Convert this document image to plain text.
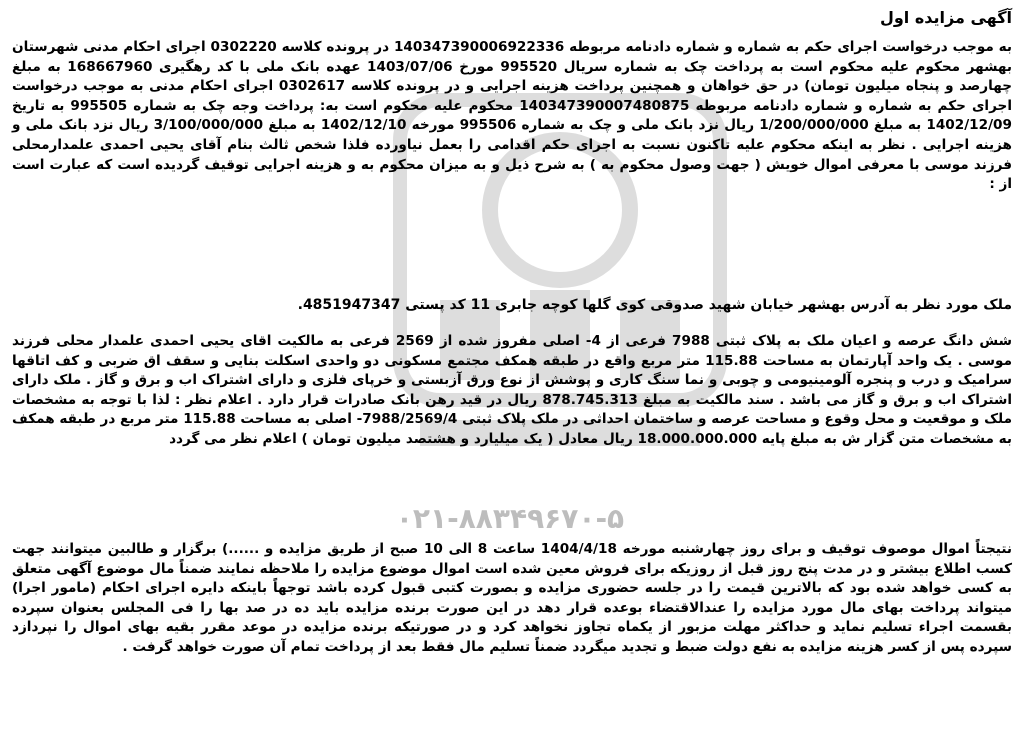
۰۲۱-۸۸۳۴۹۶۷۰-۵
آگهی مزایده اول

به موجب درخواست اجرای حکم به شماره و شماره دادنامه مربوطه 140347390006922336 در پرونده کلاسه 0302220 اجرای احکام مدنی شهرستان بهشهر محکوم علیه محکوم است به پرداخت چک به شماره سریال 995520 مورخ 1403/07/06 عهده بانک ملی با کد رهگیری 168667960 به مبلغ چهارصد و پنجاه میلیون تومان) در حق خواهان و همچنین پرداخت هزینه اجرایی و در پرونده کلاسه 0302617 اجرای احکام مدنی به موجب درخواست اجرای حکم به شماره و شماره دادنامه مربوطه 140347390007480875 محکوم علیه محکوم است به: پرداخت وجه چک به شماره 995505 به تاریخ 1402/12/09 به مبلغ 1/200/000/000 ریال نزد بانک ملی و چک به شماره 995506 مورخه 1402/12/10 به مبلغ 3/100/000/000 ریال نزد بانک ملی و هزینه اجرایی . نظر به اینکه محکوم علیه تاکنون نسبت به اجرای حکم اقدامی را بعمل نیاورده فلذا شخص ثالث بنام آقای یحیی احمدی علمدارمحلی فرزند موسی با معرفی اموال خویش ( جهت وصول محکوم به ) به شرح ذیل و به میزان محکوم به و هزینه اجرایی توقیف گردیده است که عبارت است از :

ملک مورد نظر به آدرس بهشهر خیابان شهید صدوقی کوی گلها کوچه جابری 11 کد پستی 4851947347.

شش دانگ عرصه و اعیان ملک به پلاک ثبتی 7988 فرعی از 4- اصلی مفروز شده از 2569 فرعی به مالکیت اقای یحیی احمدی علمدار محلی فرزند موسی . یک واحد آپارتمان به مساحت 115.88 متر مربع واقع در طبقه همکف مجتمع مسکونی دو واحدی اسکلت بنایی و سقف اق ضربی و کف اتاقها سرامیک و درب و پنجره آلومینیومی و چوبی و نما سنگ کاری و پوشش از نوع ورق آزبستی و خرپای فلزی و دارای اشتراک اب و برق و گاز . ملک دارای اشتراک اب و برق و گاز می باشد . سند مالکیت به مبلغ 878.745.313 ریال در قید رهن بانک صادرات قرار دارد . اعلام نظر : لذا با توجه به مشخصات ملک و موقعیت و محل وقوع و مساحت عرصه و ساختمان احداثی در ملک پلاک ثبتی 7988/2569/4- اصلی به مساحت 115.88 متر مربع در طبقه همکف به مشخصات متن گزار ش به مبلغ پایه 18.000.000.000 ریال معادل ( یک میلیارد و هشتصد میلیون تومان ) اعلام نظر می گردد

نتیجتاً اموال موصوف توقیف و برای روز چهارشنبه مورخه 1404/4/18 ساعت 8 الی 10 صبح از طریق مزایده و ......) برگزار و طالبین میتوانند جهت کسب اطلاع بیشتر و در مدت پنج روز قبل از روزیکه برای فروش معین شده است اموال موضوع مزایده را ملاحظه نمایند ضمناً مال موضوع آگهی متعلق به کسی خواهد شده بود که بالاترین قیمت را در جلسه حضوری مزایده و بصورت کتبی قبول کرده باشد توجهاً باینکه دایره اجرای احکام (مامور اجرا) میتواند پرداخت بهای مال مورد مزایده را عندالاقتضاء بوعده قرار دهد در این صورت برنده مزایده باید ده در صد بها را فی المجلس بعنوان سپرده بقسمت اجراء تسلیم نماید و حداکثر مهلت مزبور از یکماه تجاوز نخواهد کرد و در صورتیکه برنده مزایده در موعد مقرر بقیه بهای اموال را نپردازد سپرده پس از کسر هزینه مزایده به نفع دولت ضبط و تجدید میگردد ضمناً تسلیم مال فقط بعد از پرداخت تمام آن صورت خواهد گرفت .
